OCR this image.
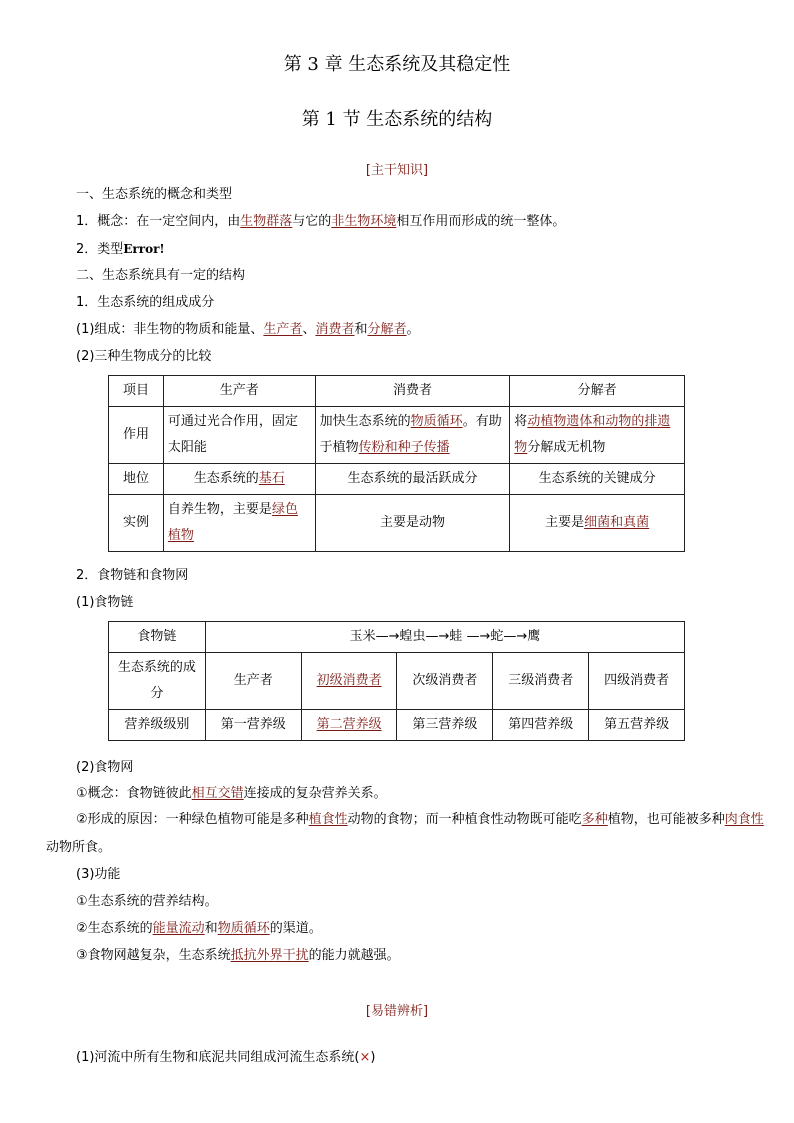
第 3 章 生态系统及其稳定性
第 1 节 生态系统的结构
[主干知识]
一、生态系统的概念和类型
1．概念：在一定空间内，由生物群落与它的非生物环境相互作用而形成的统一整体。
2．类型Error!
二、生态系统具有一定的结构
1．生态系统的组成成分
(1)组成：非生物的物质和能量、生产者、消费者和分解者。
(2)三种生物成分的比较
项目	生产者	消费者	分解者
作用	可通过光合作用，固定太阳能	加快生态系统的物质循环。有助于植物传粉和种子传播	将动植物遗体和动物的排遗物分解成无机物
地位	生态系统的基石	生态系统的最活跃成分	生态系统的关键成分
实例	自养生物，主要是绿色植物	主要是动物	主要是细菌和真菌
2．食物链和食物网
(1)食物链
食物链	玉米—→蝗虫—→蛙 —→蛇—→鹰				
生态系统的成分	生产者	初级消费者	次级消费者	三级消费者	四级消费者
营养级级别	第一营养级	第二营养级	第三营养级	第四营养级	第五营养级
(2)食物网
①概念：食物链彼此相互交错连接成的复杂营养关系。
②形成的原因：一种绿色植物可能是多种植食性动物的食物；而一种植食性动物既可能吃多种植物，也可能被多种肉食性动物所食。
(3)功能
①生态系统的营养结构。
②生态系统的能量流动和物质循环的渠道。
③食物网越复杂，生态系统抵抗外界干扰的能力就越强。
[易错辨析]
(1)河流中所有生物和底泥共同组成河流生态系统(×)
